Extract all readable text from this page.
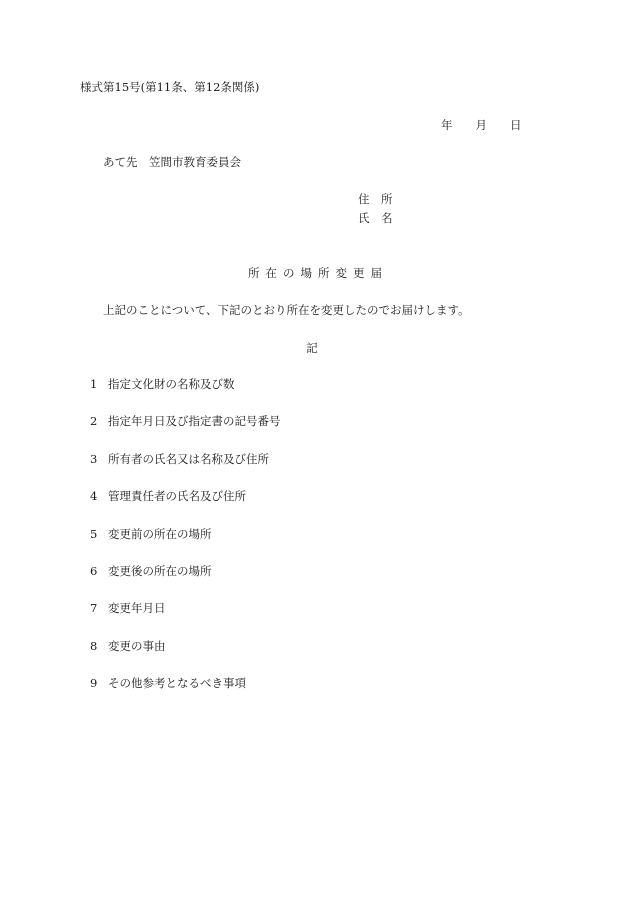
様式第15号(第11条、第12条関係)
年　　月　　日
あて先　笠間市教育委員会
住　所
氏　名
所在の場所変更届
上記のことについて、下記のとおり所在を変更したのでお届けします。
記
1 指定文化財の名称及び数
2 指定年月日及び指定書の記号番号
3 所有者の氏名又は名称及び住所
4 管理責任者の氏名及び住所
5 変更前の所在の場所
6 変更後の所在の場所
7 変更年月日
8 変更の事由
9 その他参考となるべき事項
